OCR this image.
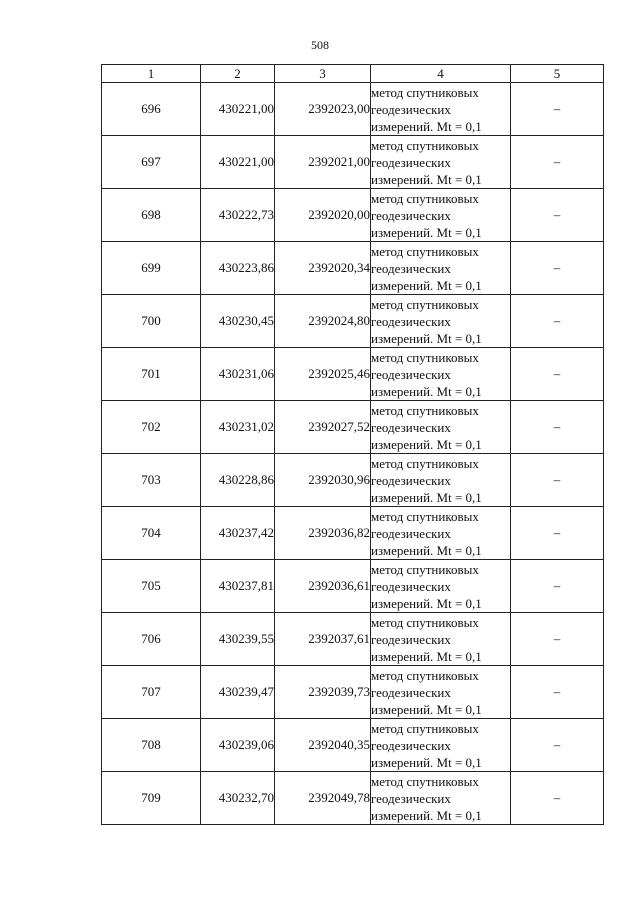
508
1	2	3	4	5
696	430221,00	2392023,00	метод спутниковых
геодезических
измерений. Mt = 0,1	–
697	430221,00	2392021,00	метод спутниковых
геодезических
измерений. Mt = 0,1	–
698	430222,73	2392020,00	метод спутниковых
геодезических
измерений. Mt = 0,1	–
699	430223,86	2392020,34	метод спутниковых
геодезических
измерений. Mt = 0,1	–
700	430230,45	2392024,80	метод спутниковых
геодезических
измерений. Mt = 0,1	–
701	430231,06	2392025,46	метод спутниковых
геодезических
измерений. Mt = 0,1	–
702	430231,02	2392027,52	метод спутниковых
геодезических
измерений. Mt = 0,1	–
703	430228,86	2392030,96	метод спутниковых
геодезических
измерений. Mt = 0,1	–
704	430237,42	2392036,82	метод спутниковых
геодезических
измерений. Mt = 0,1	–
705	430237,81	2392036,61	метод спутниковых
геодезических
измерений. Mt = 0,1	–
706	430239,55	2392037,61	метод спутниковых
геодезических
измерений. Mt = 0,1	–
707	430239,47	2392039,73	метод спутниковых
геодезических
измерений. Mt = 0,1	–
708	430239,06	2392040,35	метод спутниковых
геодезических
измерений. Mt = 0,1	–
709	430232,70	2392049,78	метод спутниковых
геодезических
измерений. Mt = 0,1	–
